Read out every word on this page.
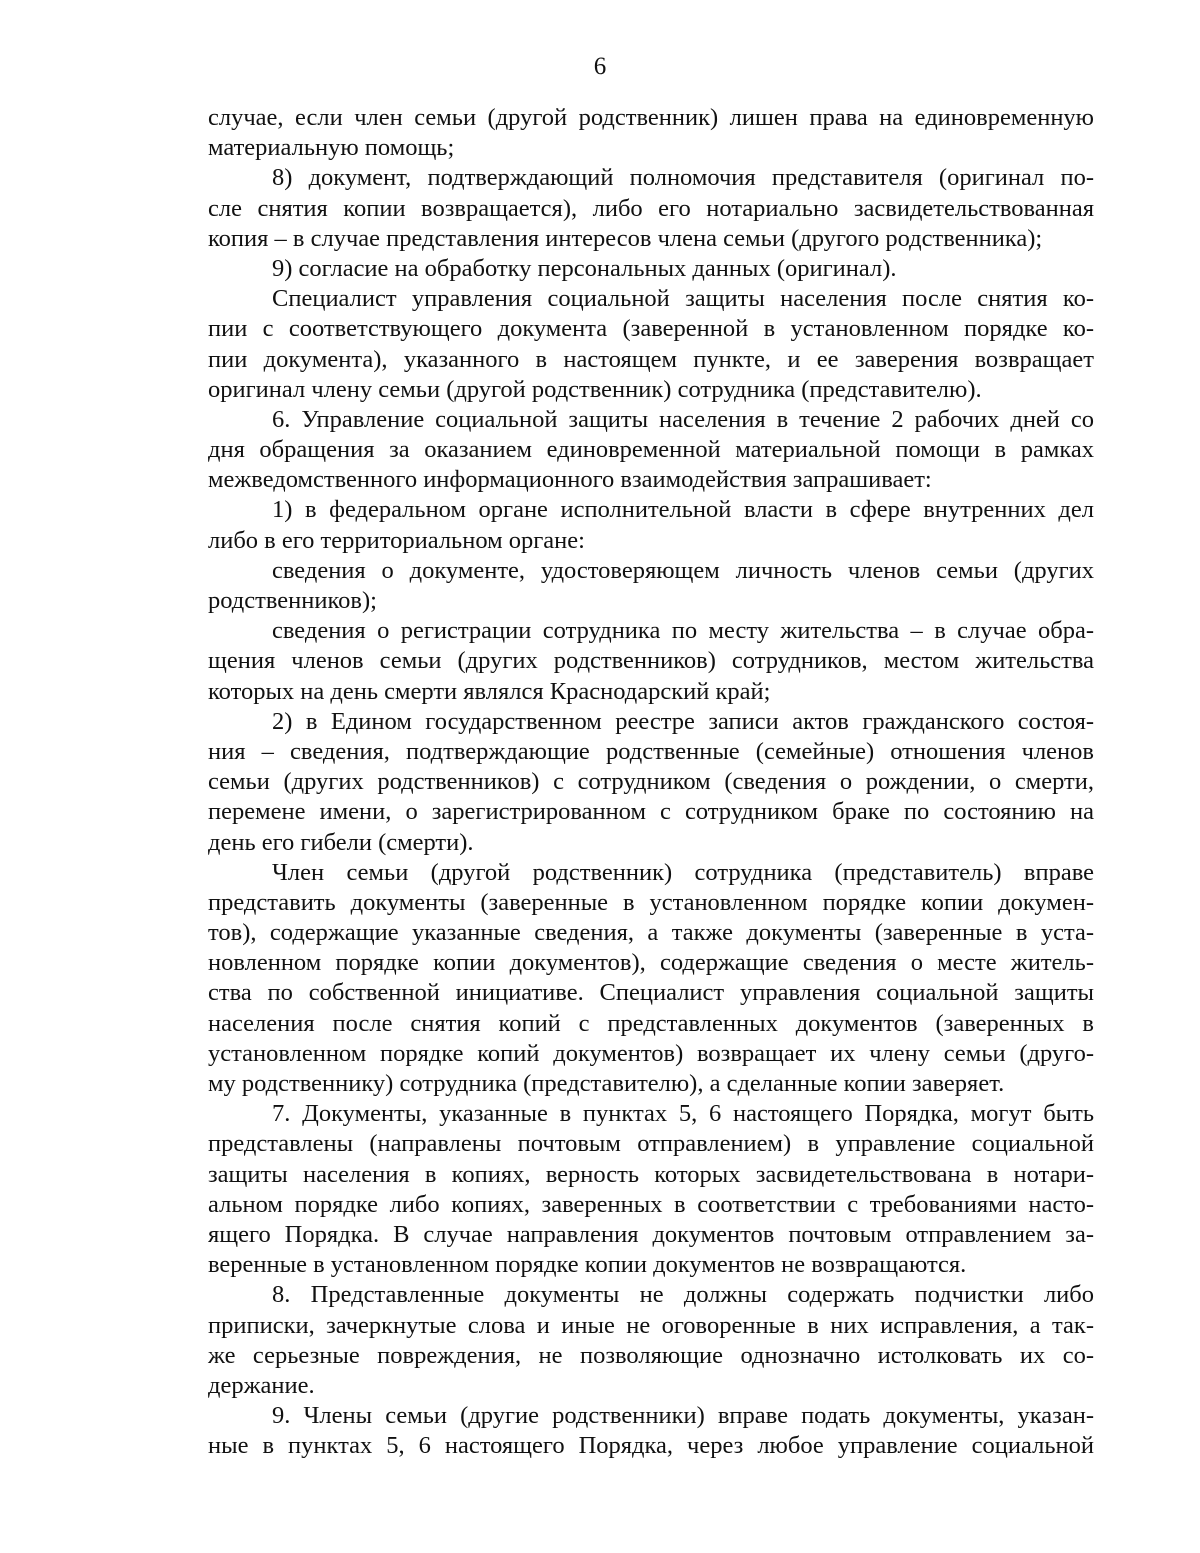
6
случае, если член семьи (другой родственник) лишен права на единовременную
материальную помощь;
8) документ, подтверждающий полномочия представителя (оригинал по-
сле снятия копии возвращается), либо его нотариально засвидетельствованная
копия – в случае представления интересов члена семьи (другого родственника);
9) согласие на обработку персональных данных (оригинал).
Специалист управления социальной защиты населения после снятия ко-
пии с соответствующего документа (заверенной в установленном порядке ко-
пии документа), указанного в настоящем пункте, и ее заверения возвращает
оригинал члену семьи (другой родственник) сотрудника (представителю).
6. Управление социальной защиты населения в течение 2 рабочих дней со
дня обращения за оказанием единовременной материальной помощи в рамках
межведомственного информационного взаимодействия запрашивает:
1) в федеральном органе исполнительной власти в сфере внутренних дел
либо в его территориальном органе:
сведения о документе, удостоверяющем личность членов семьи (других
родственников);
сведения о регистрации сотрудника по месту жительства – в случае обра-
щения членов семьи (других родственников) сотрудников, местом жительства
которых на день смерти являлся Краснодарский край;
2) в Едином государственном реестре записи актов гражданского состоя-
ния – сведения, подтверждающие родственные (семейные) отношения членов
семьи (других родственников) с сотрудником (сведения о рождении, о смерти,
перемене имени, о зарегистрированном с сотрудником браке по состоянию на
день его гибели (смерти).
Член семьи (другой родственник) сотрудника (представитель) вправе
представить документы (заверенные в установленном порядке копии докумен-
тов), содержащие указанные сведения, а также документы (заверенные в уста-
новленном порядке копии документов), содержащие сведения о месте житель-
ства по собственной инициативе. Специалист управления социальной защиты
населения после снятия копий с представленных документов (заверенных в
установленном порядке копий документов) возвращает их члену семьи (друго-
му родственнику) сотрудника (представителю), а сделанные копии заверяет.
7. Документы, указанные в пунктах 5, 6 настоящего Порядка, могут быть
представлены (направлены почтовым отправлением) в управление социальной
защиты населения в копиях, верность которых засвидетельствована в нотари-
альном порядке либо копиях, заверенных в соответствии с требованиями насто-
ящего Порядка. В случае направления документов почтовым отправлением за-
веренные в установленном порядке копии документов не возвращаются.
8. Представленные документы не должны содержать подчистки либо
приписки, зачеркнутые слова и иные не оговоренные в них исправления, а так-
же серьезные повреждения, не позволяющие однозначно истолковать их со-
держание.
9. Члены семьи (другие родственники) вправе подать документы, указан-
ные в пунктах 5, 6 настоящего Порядка, через любое управление социальной
